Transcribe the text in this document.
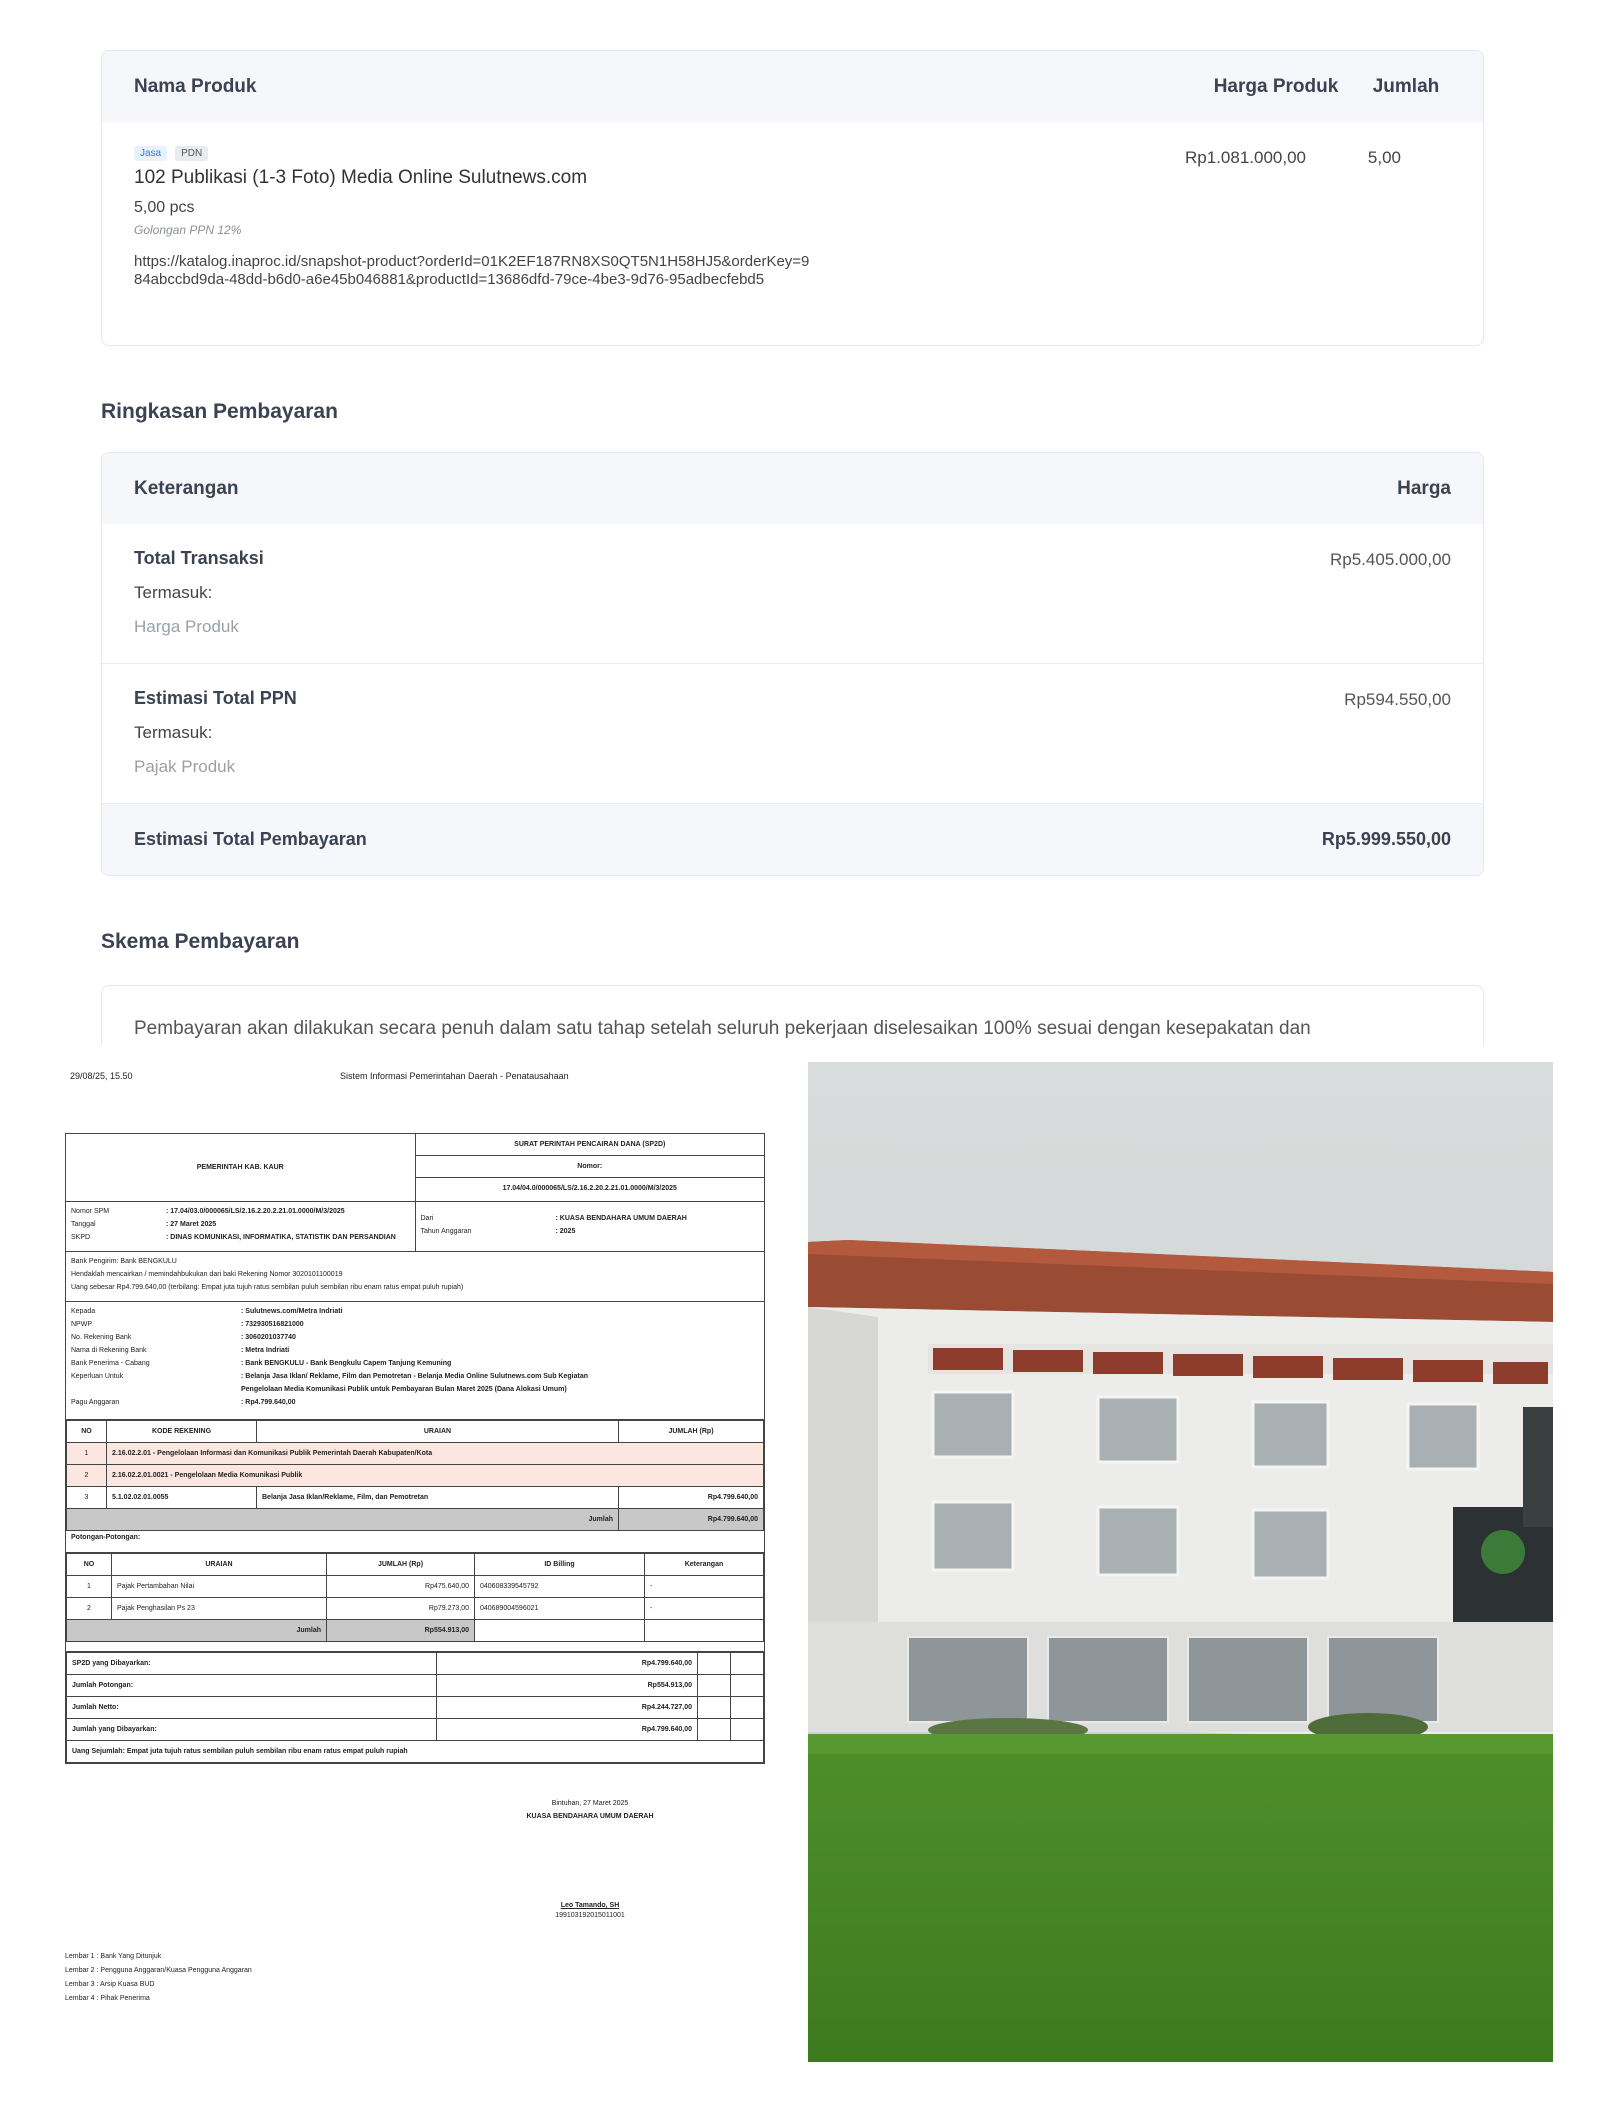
Nama Produk	Harga Produk	Jumlah
Jasa	PDN
102 Publikasi (1-3 Foto) Media Online Sulutnews.com
5,00 pcs
Golongan PPN 12%
https://katalog.inaproc.id/snapshot-product?orderId=01K2EF187RN8XS0QT5N1H58HJ5&orderKey=984abccbd9da-48dd-b6d0-a6e45b046881&productId=13686dfd-79ce-4be3-9d76-95adbecfebd5
Rp1.081.000,00	5,00
Ringkasan Pembayaran
Keterangan	Harga
Total Transaksi
Termasuk:
Harga Produk
Rp5.405.000,00
Estimasi Total PPN
Termasuk:
Pajak Produk
Rp594.550,00
Estimasi Total Pembayaran	Rp5.999.550,00
Skema Pembayaran
Pembayaran akan dilakukan secara penuh dalam satu tahap setelah seluruh pekerjaan diselesaikan 100% sesuai dengan kesepakatan dan
29/08/25, 15.50	Sistem Informasi Pemerintahan Daerah - Penatausahaan
PEMERINTAH KAB. KAUR
SURAT PERINTAH PENCAIRAN DANA (SP2D)
Nomor:
17.04/04.0/000065/LS/2.16.2.20.2.21.01.0000/M/3/2025
Nomor SPM	: 17.04/03.0/000065/LS/2.16.2.20.2.21.01.0000/M/3/2025
Tanggal	: 27 Maret 2025
SKPD	: DINAS KOMUNIKASI, INFORMATIKA, STATISTIK DAN PERSANDIAN
Dari	: KUASA BENDAHARA UMUM DAERAH
Tahun Anggaran	: 2025
Bank Pengirim: Bank BENGKULU
Hendaklah mencairkan / memindahbukukan dari baki Rekening Nomor 3020101100019
Uang sebesar Rp4.799.640,00 (terbilang: Empat juta tujuh ratus sembilan puluh sembilan ribu enam ratus empat puluh rupiah)
Kepada	: Sulutnews.com/Metra Indriati
NPWP	: 732930516821000
No. Rekening Bank	: 3060201037740
Nama di Rekening Bank	: Metra Indriati
Bank Penerima - Cabang	: Bank BENGKULU - Bank Bengkulu Capem Tanjung Kemuning
Keperluan Untuk	: Belanja Jasa Iklan/ Reklame, Film dan Pemotretan - Belanja Media Online Sulutnews.com Sub Kegiatan Pengelolaan Media Komunikasi Publik untuk Pembayaran Bulan Maret 2025 (Dana Alokasi Umum)
Pagu Anggaran	: Rp4.799.640,00
NO	KODE REKENING	URAIAN	JUMLAH (Rp)
1	2.16.02.2.01 - Pengelolaan Informasi dan Komunikasi Publik Pemerintah Daerah Kabupaten/Kota		
2	2.16.02.2.01.0021 - Pengelolaan Media Komunikasi Publik		
3	5.1.02.02.01.0055	Belanja Jasa Iklan/Reklame, Film, dan Pemotretan	Rp4.799.640,00
Jumlah			Rp4.799.640,00
Potongan-Potongan:
NO	URAIAN	JUMLAH (Rp)	ID Billing	Keterangan
1	Pajak Pertambahan Nilai	Rp475.640,00	040608339545792	-
2	Pajak Penghasilan Ps 23	Rp79.273,00	040689004596021	-
Jumlah		Rp554.913,00		
SP2D yang Dibayarkan:	Rp4.799.640,00		
Jumlah Potongan:	Rp554.913,00		
Jumlah Netto:	Rp4.244.727,00		
Jumlah yang Dibayarkan:	Rp4.799.640,00		
Uang Sejumlah: Empat juta tujuh ratus sembilan puluh sembilan ribu enam ratus empat puluh rupiah			
Bintuhan, 27 Maret 2025
KUASA BENDAHARA UMUM DAERAH
Leo Tamando, SH
199103192015011001
Lembar 1 : Bank Yang Ditunjuk
Lembar 2 : Pengguna Anggaran/Kuasa Pengguna Anggaran
Lembar 3 : Arsip Kuasa BUD
Lembar 4 : Pihak Penerima
